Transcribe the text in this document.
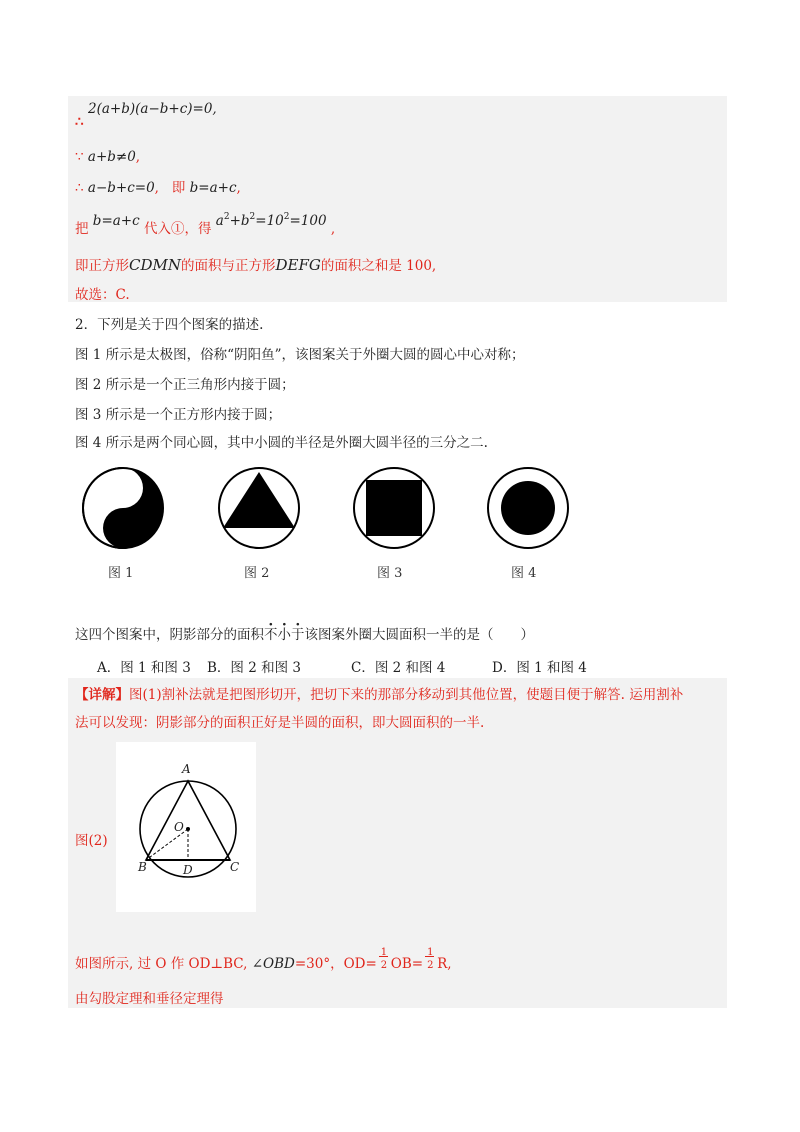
2(a+b)(a−b+c)=0,
∴
∵ a+b≠0,
∴ a−b+c=0, 即 b=a+c,
把 b=a+c 代入①，得 $a^2+b^2=10^2=100$ ,
即正方形CDMN的面积与正方形DEFG的面积之和是 100,
故选：C.
2．下列是关于四个图案的描述.
图 1 所示是太极图，俗称“阴阳鱼”，该图案关于外圈大圆的圆心中心对称；
图 2 所示是一个正三角形内接于圆；
图 3 所示是一个正方形内接于圆；
图 4 所示是两个同心圆，其中小圆的半径是外圈大圆半径的三分之二.
图 1	图 2	图 3	图 4
这四个图案中，阴影部分的面积不小于该图案外圈大圆面积一半的是（　　）
A．图 1 和图 3 B．图 2 和图 3	C．图 2 和图 4	D．图 1 和图 4
【详解】图(1)割补法就是把图形切开，把切下来的那部分移动到其他位置，使题目便于解答. 运用割补
法可以发现：阴影部分的面积正好是半圆的面积，即大圆面积的一半.
A
O
B	D	C
图(2)
如图所示, 过 O 作 OD⊥BC, ∠OBD=30°，OD=
1
2 OB=
1
2 R,
由勾股定理和垂径定理得
